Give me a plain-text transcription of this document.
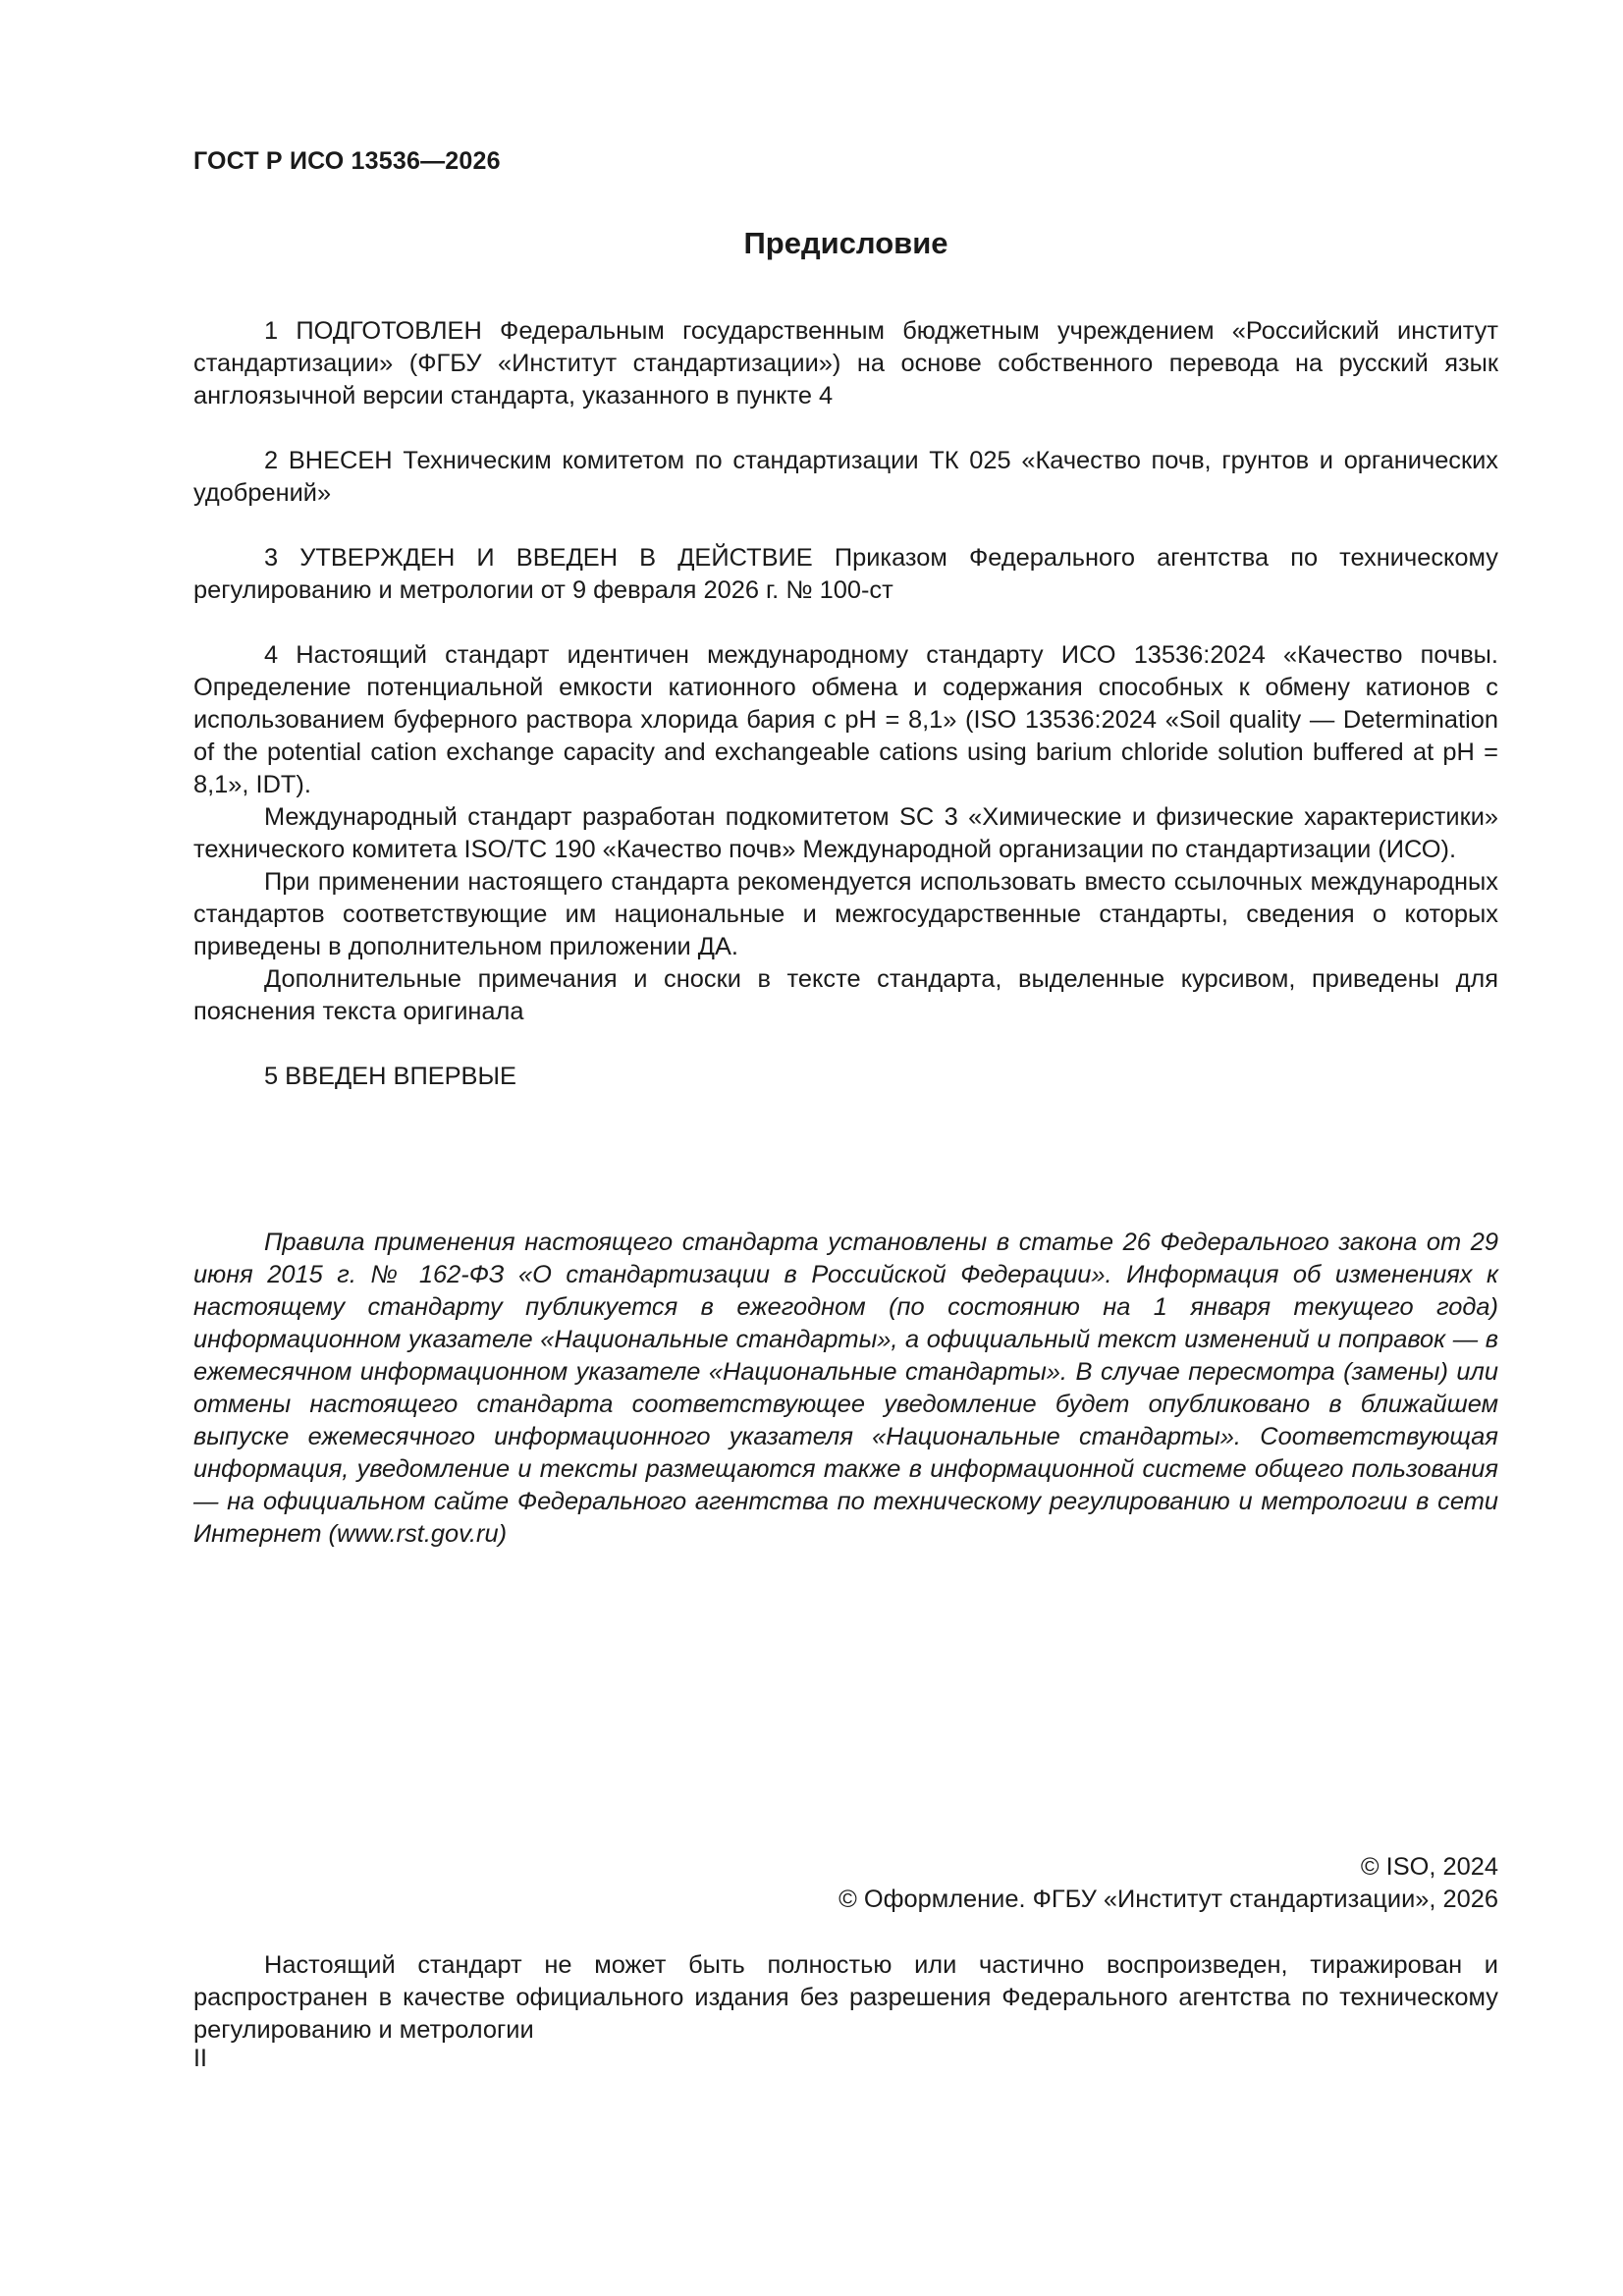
ГОСТ Р ИСО 13536—2026
Предисловие

1 ПОДГОТОВЛЕН Федеральным государственным бюджетным учреждением «Российский институт стандартизации» (ФГБУ «Институт стандартизации») на основе собственного перевода на русский язык англоязычной версии стандарта, указанного в пункте 4

2 ВНЕСЕН Техническим комитетом по стандартизации ТК 025 «Качество почв, грунтов и органических удобрений»

3 УТВЕРЖДЕН И ВВЕДЕН В ДЕЙСТВИЕ Приказом Федерального агентства по техническому регулированию и метрологии от 9 февраля 2026 г. № 100-ст

4 Настоящий стандарт идентичен международному стандарту ИСО 13536:2024 «Качество почвы. Определение потенциальной емкости катионного обмена и содержания способных к обмену катионов с использованием буферного раствора хлорида бария с pH = 8,1» (ISO 13536:2024 «Soil quality — Determination of the potential cation exchange capacity and exchangeable cations using barium chloride solution buffered at pH = 8,1», IDT).

Международный стандарт разработан подкомитетом SC 3 «Химические и физические характеристики» технического комитета ISO/TC 190 «Качество почв» Международной организации по стандартизации (ИСО).

При применении настоящего стандарта рекомендуется использовать вместо ссылочных международных стандартов соответствующие им национальные и межгосударственные стандарты, сведения о которых приведены в дополнительном приложении ДА.

Дополнительные примечания и сноски в тексте стандарта, выделенные курсивом, приведены для пояснения текста оригинала

5 ВВЕДЕН ВПЕРВЫЕ

Правила применения настоящего стандарта установлены в статье 26 Федерального закона от 29 июня 2015 г. № 162-ФЗ «О стандартизации в Российской Федерации». Информация об изменениях к настоящему стандарту публикуется в ежегодном (по состоянию на 1 января текущего года) информационном указателе «Национальные стандарты», а официальный текст изменений и поправок — в ежемесячном информационном указателе «Национальные стандарты». В случае пересмотра (замены) или отмены настоящего стандарта соответствующее уведомление будет опубликовано в ближайшем выпуске ежемесячного информационного указателя «Национальные стандарты». Соответствующая информация, уведомление и тексты размещаются также в информационной системе общего пользования — на официальном сайте Федерального агентства по техническому регулированию и метрологии в сети Интернет (www.rst.gov.ru)

© ISO, 2024
© Оформление. ФГБУ «Институт стандартизации», 2026

Настоящий стандарт не может быть полностью или частично воспроизведен, тиражирован и распространен в качестве официального издания без разрешения Федерального агентства по техническому регулированию и метрологии

II
